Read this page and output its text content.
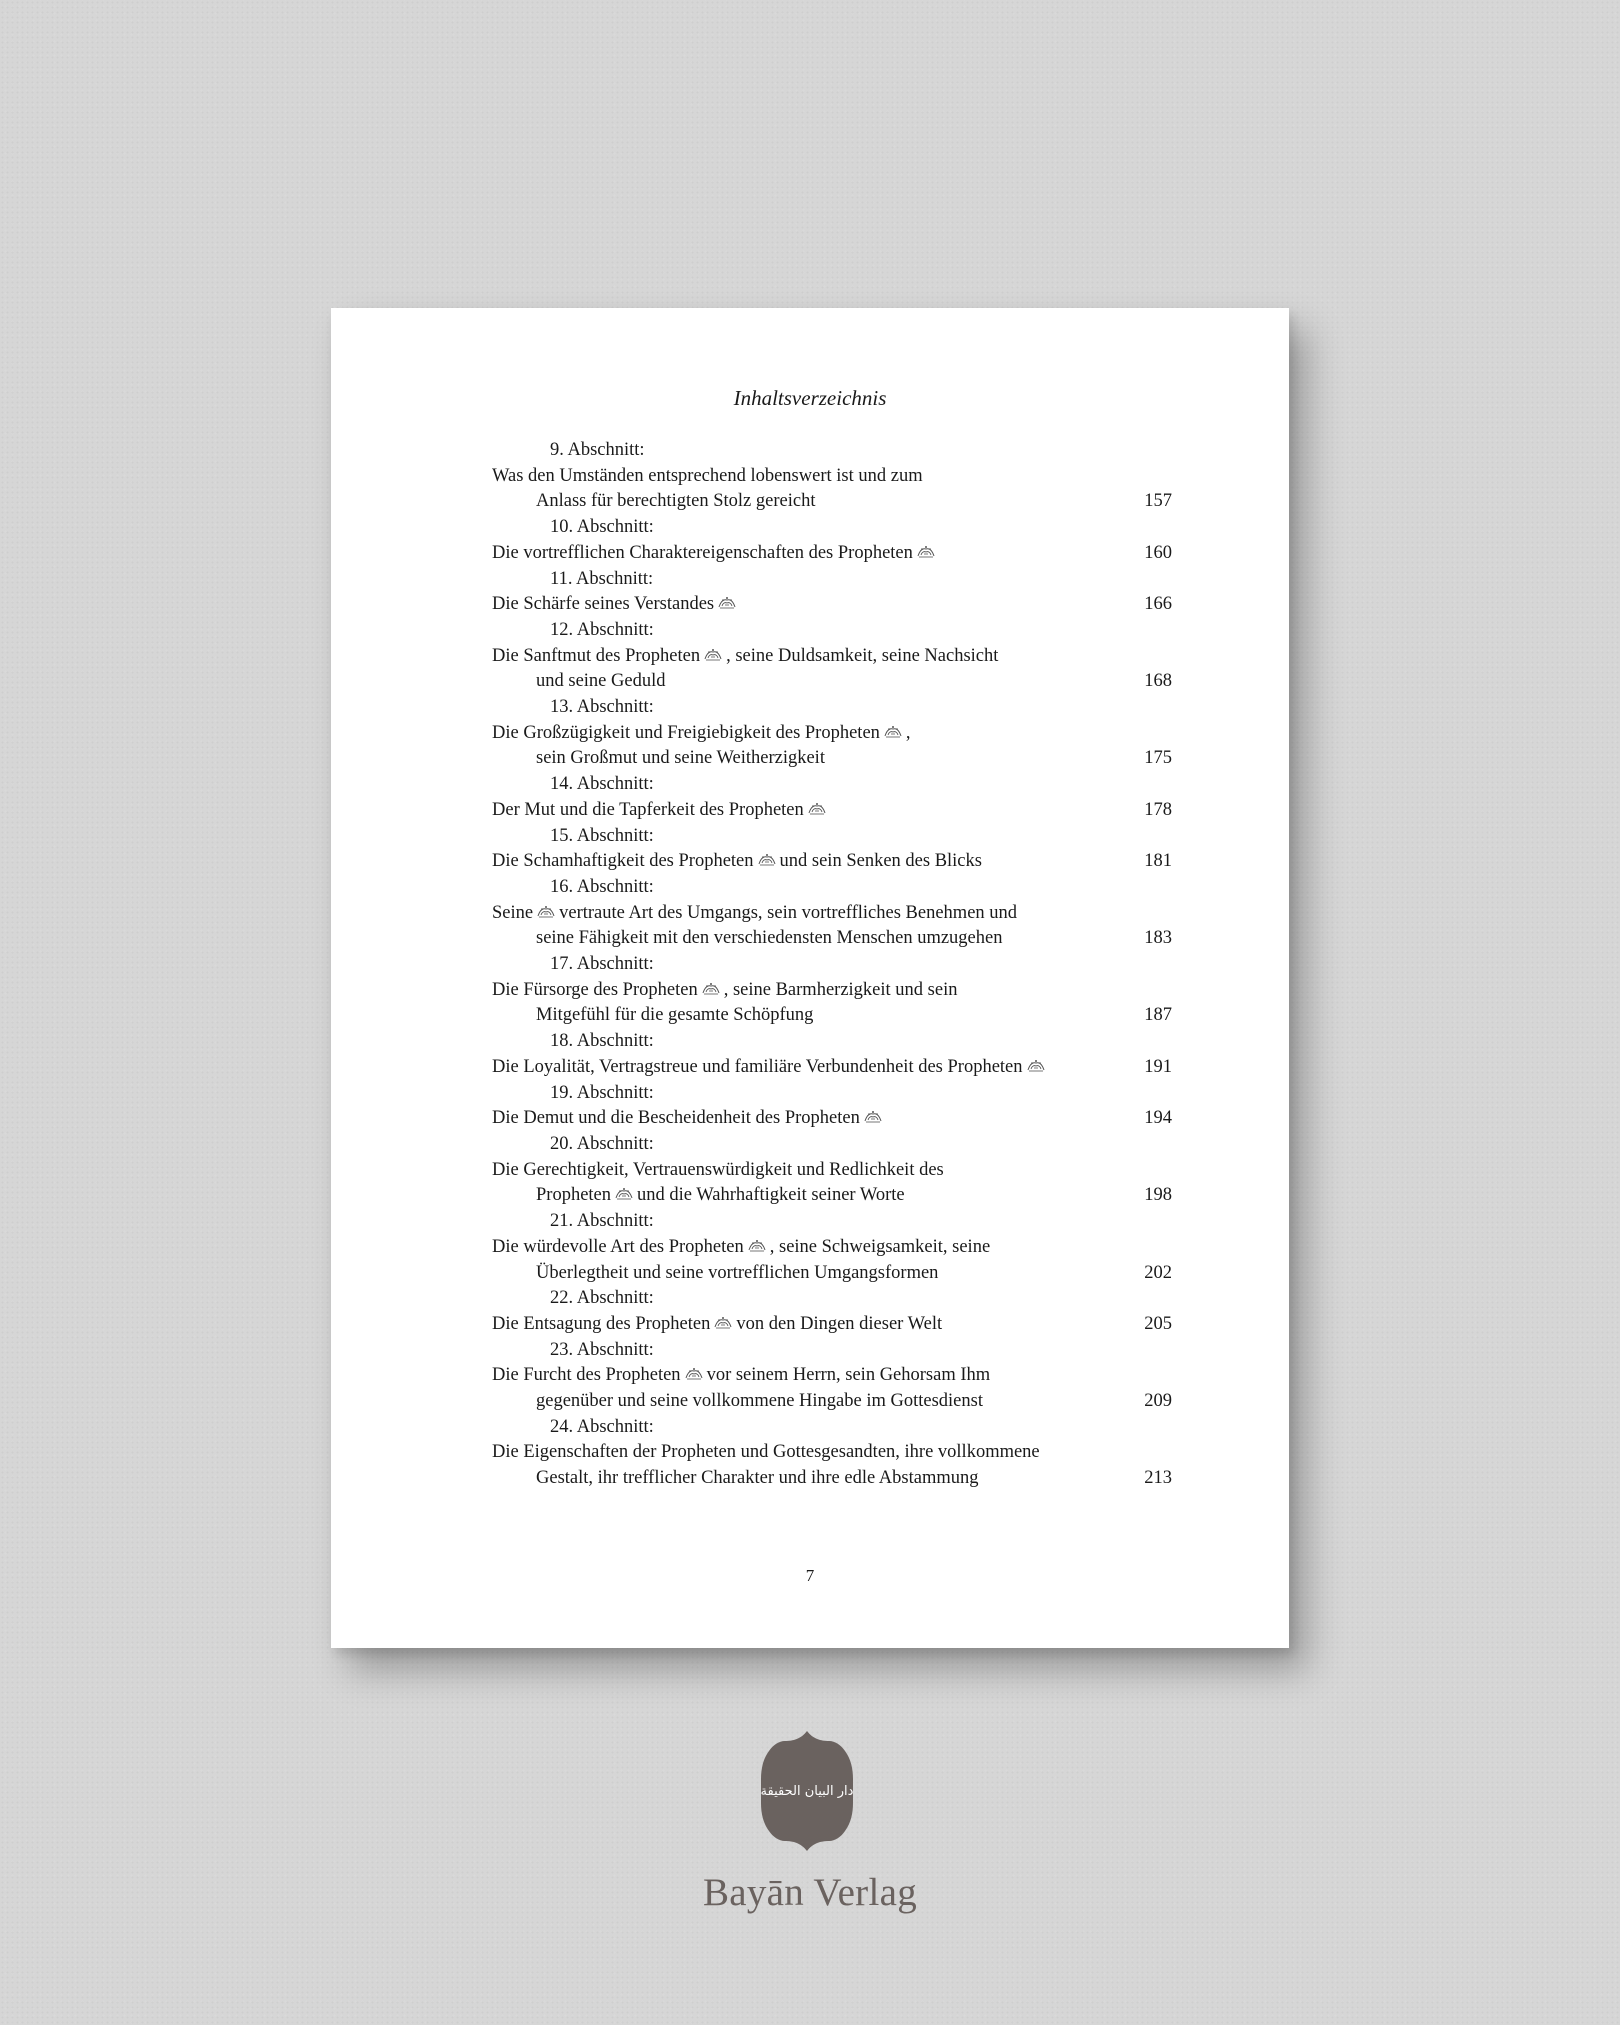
Inhaltsverzeichnis
9. Abschnitt:
Was den Umständen entsprechend lobenswert ist und zum
Anlass für berechtigten Stolz gereicht	157
10. Abschnitt:
Die vortrefflichen Charaktereigenschaften des Propheten	160
11. Abschnitt:
Die Schärfe seines Verstandes	166
12. Abschnitt:
Die Sanftmut des Propheten , seine Duldsamkeit, seine Nachsicht
und seine Geduld	168
13. Abschnitt:
Die Großzügigkeit und Freigiebigkeit des Propheten ,
sein Großmut und seine Weitherzigkeit	175
14. Abschnitt:
Der Mut und die Tapferkeit des Propheten	178
15. Abschnitt:
Die Schamhaftigkeit des Propheten und sein Senken des Blicks	181
16. Abschnitt:
Seine vertraute Art des Umgangs, sein vortreffliches Benehmen und
seine Fähigkeit mit den verschiedensten Menschen umzugehen	183
17. Abschnitt:
Die Fürsorge des Propheten , seine Barmherzigkeit und sein
Mitgefühl für die gesamte Schöpfung	187
18. Abschnitt:
Die Loyalität, Vertragstreue und familiäre Verbundenheit des Propheten	191
19. Abschnitt:
Die Demut und die Bescheidenheit des Propheten	194
20. Abschnitt:
Die Gerechtigkeit, Vertrauenswürdigkeit und Redlichkeit des
Propheten und die Wahrhaftigkeit seiner Worte	198
21. Abschnitt:
Die würdevolle Art des Propheten , seine Schweigsamkeit, seine
Überlegtheit und seine vortrefflichen Umgangsformen	202
22. Abschnitt:
Die Entsagung des Propheten von den Dingen dieser Welt	205
23. Abschnitt:
Die Furcht des Propheten vor seinem Herrn, sein Gehorsam Ihm
gegenüber und seine vollkommene Hingabe im Gottesdienst	209
24. Abschnitt:
Die Eigenschaften der Propheten und Gottesgesandten, ihre vollkommene
Gestalt, ihr trefflicher Charakter und ihre edle Abstammung	213
7
دار البيان الحقيقة
Bayān Verlag
